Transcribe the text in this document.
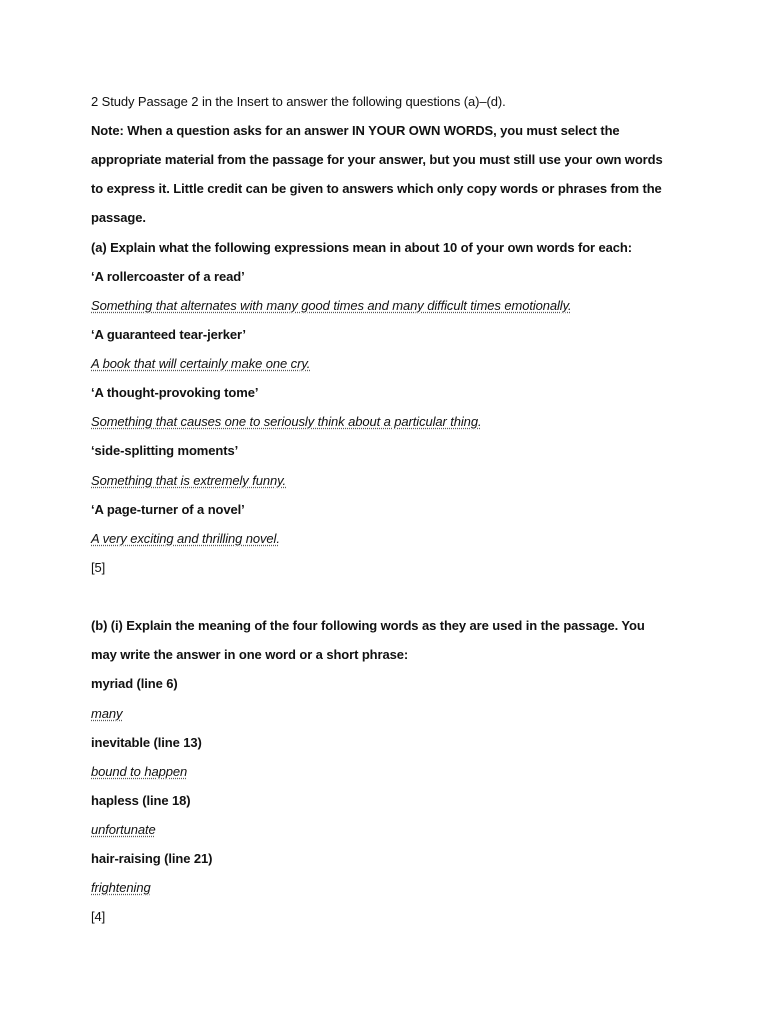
2 Study Passage 2 in the Insert to answer the following questions (a)–(d).
Note: When a question asks for an answer IN YOUR OWN WORDS, you must select the
appropriate material from the passage for your answer, but you must still use your own words
to express it. Little credit can be given to answers which only copy words or phrases from the
passage.
(a) Explain what the following expressions mean in about 10 of your own words for each:
‘A rollercoaster of a read’
Something that alternates with many good times and many difficult times emotionally.
‘A guaranteed tear-jerker’
A book that will certainly make one cry.
‘A thought-provoking tome’
Something that causes one to seriously think about a particular thing.
‘side-splitting moments’
Something that is extremely funny.
‘A page-turner of a novel’
A very exciting and thrilling novel.
[5]
(b) (i) Explain the meaning of the four following words as they are used in the passage. You
may write the answer in one word or a short phrase:
myriad (line 6)
many
inevitable (line 13)
bound to happen
hapless (line 18)
unfortunate
hair-raising (line 21)
frightening
[4]
